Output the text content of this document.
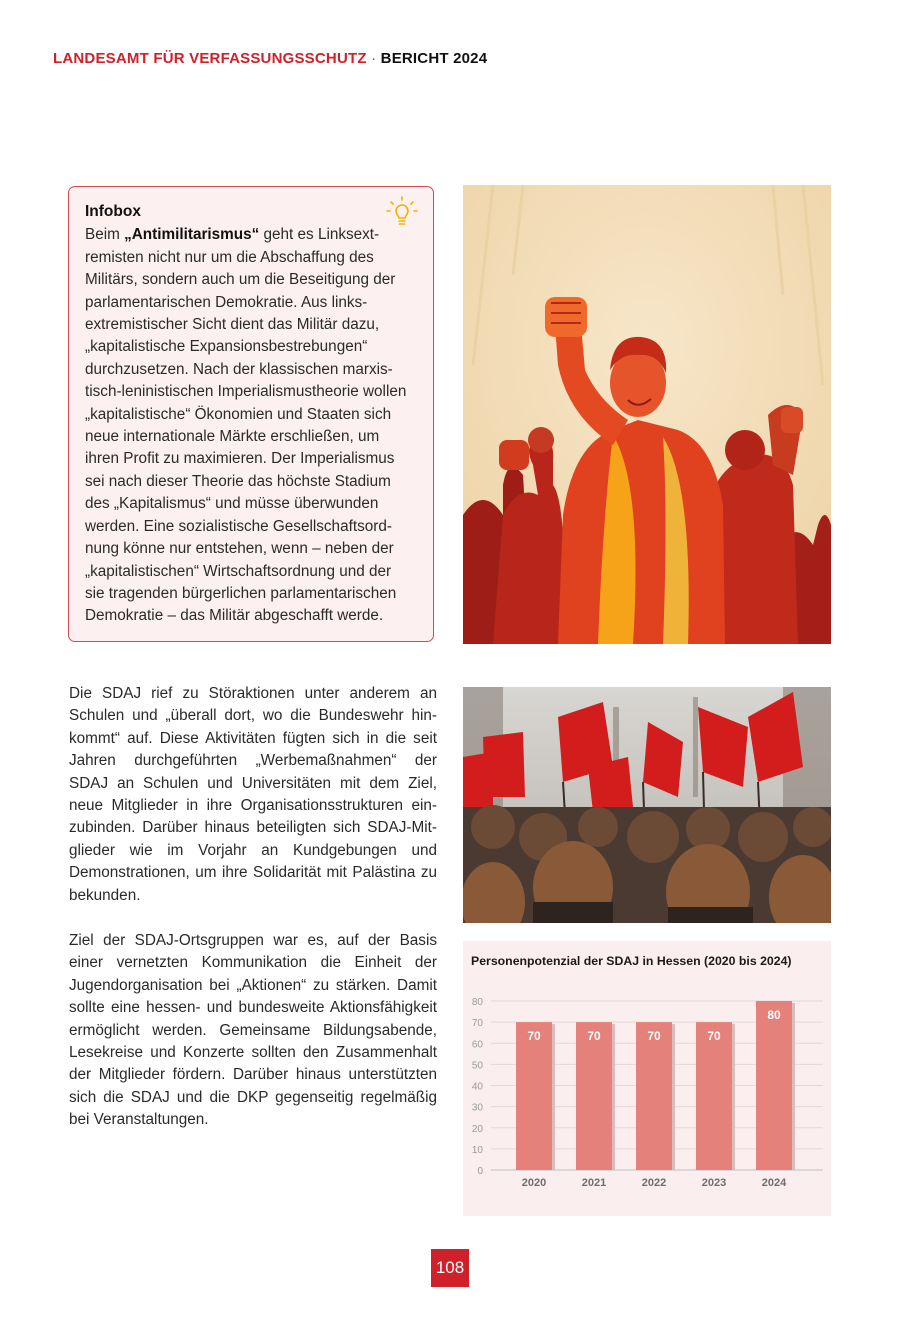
LANDESAMT FÜR VERFASSUNGSSCHUTZ · BERICHT 2024
Infobox

Beim „Antimilitarismus“ geht es Linksext-
remisten nicht nur um die Abschaffung des
Militärs, sondern auch um die Beseitigung der
parlamentarischen Demokratie. Aus links-
extremistischer Sicht dient das Militär dazu,
„kapitalistische Expansionsbestrebungen“
durchzusetzen. Nach der klassischen marxis-
tisch-leninistischen Imperialismustheorie wollen
„kapitalistische“ Ökonomien und Staaten sich
neue internationale Märkte erschließen, um
ihren Profit zu maximieren. Der Imperialismus
sei nach dieser Theorie das höchste Stadium
des „Kapitalismus“ und müsse überwunden
werden. Eine sozialistische Gesellschaftsord-
nung könne nur entstehen, wenn – neben der
„kapitalistischen“ Wirtschaftsordnung und der
sie tragenden bürgerlichen parlamentarischen
Demokratie – das Militär abgeschafft werde.

Die SDAJ rief zu Störaktionen unter anderem an Schulen und „überall dort, wo die Bundeswehr hinkommt“ auf. Diese Aktivitäten fügten sich in die seit Jahren durchgeführten „Werbemaßnahmen“ der SDAJ an Schulen und Universitäten mit dem Ziel, neue Mitglieder in ihre Organisationsstrukturen einzubinden. Darüber hinaus beteiligten sich SDAJ-Mitglieder wie im Vorjahr an Kundgebungen und Demonstrationen, um ihre Solidarität mit Palästina zu bekunden.

Ziel der SDAJ-Ortsgruppen war es, auf der Basis einer vernetzten Kommunikation die Einheit der Jugendorganisation bei „Aktionen“ zu stärken. Damit sollte eine hessen- und bundesweite Aktionsfähigkeit ermöglicht werden. Gemeinsame Bildungsabende, Lesekreise und Konzerte sollten den Zusammenhalt der Mitglieder fördern. Darüber hinaus unterstützten sich die SDAJ und die DKP gegenseitig regelmäßig bei Veranstaltungen.

Personenpotenzial der SDAJ in Hessen (2020 bis 2024)
0
10
20
30
40
50
60
70
80
70
2020
70
2021
70
2022
70
2023
80
2024
108
